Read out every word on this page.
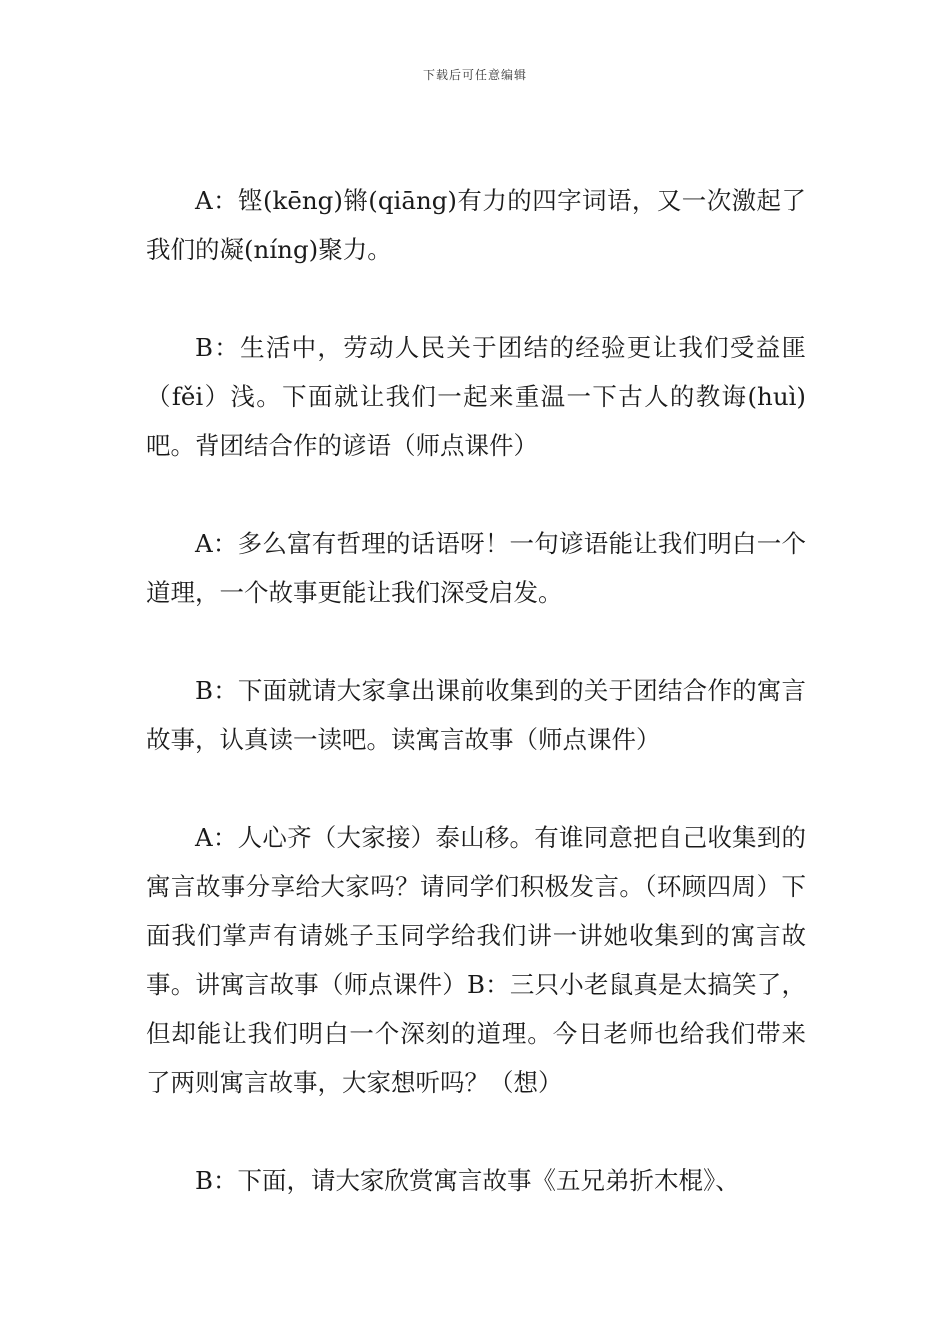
下载后可任意编辑

A：铿(kēng)锵(qiāng)有力的四字词语，又一次激起了我们的凝(níng)聚力。

B：生活中，劳动人民关于团结的经验更让我们受益匪（fěi）浅。下面就让我们一起来重温一下古人的教诲(huì)吧。背团结合作的谚语（师点课件）

A：多么富有哲理的话语呀！一句谚语能让我们明白一个道理，一个故事更能让我们深受启发。

B：下面就请大家拿出课前收集到的关于团结合作的寓言故事，认真读一读吧。读寓言故事（师点课件）

A：人心齐（大家接）泰山移。有谁同意把自己收集到的寓言故事分享给大家吗？请同学们积极发言。（环顾四周）下面我们掌声有请姚子玉同学给我们讲一讲她收集到的寓言故事。讲寓言故事（师点课件）B：三只小老鼠真是太搞笑了，但却能让我们明白一个深刻的道理。今日老师也给我们带来了两则寓言故事，大家想听吗？（想）

B：下面，请大家欣赏寓言故事《五兄弟折木棍》、
